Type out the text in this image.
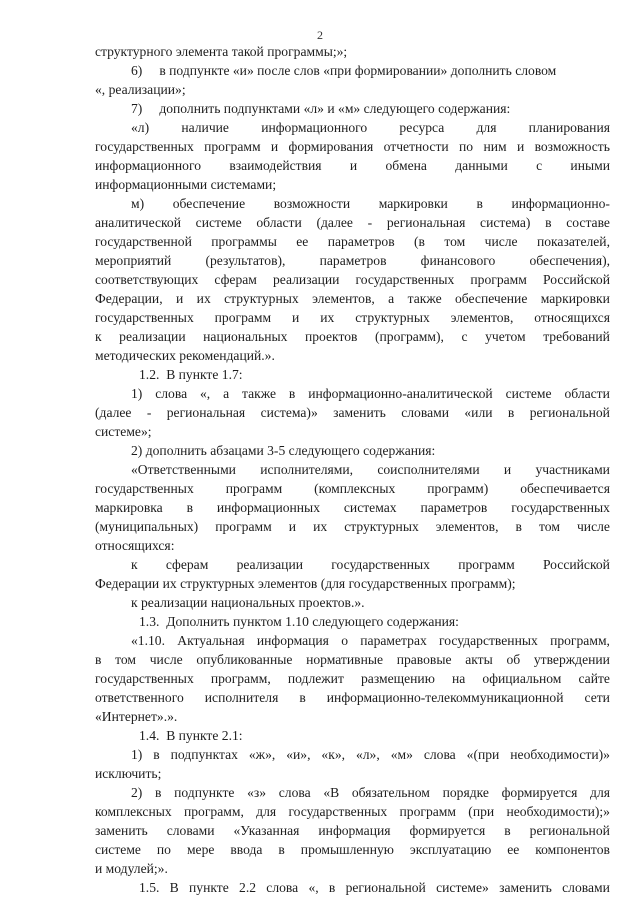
2
структурного элемента такой программы;»;
6)     в подпункте «и» после слов «при формировании» дополнить словом
«, реализации»;
7)     дополнить подпунктами «л» и «м» следующего содержания:
«л) наличие информационного ресурса для планирования
государственных программ и формирования отчетности по ним и возможность
информационного взаимодействия и обмена данными с иными
информационными системами;
м) обеспечение возможности маркировки в информационно-
аналитической системе области (далее - региональная система) в составе
государственной программы ее параметров (в том числе показателей,
мероприятий	(результатов),	параметров	финансового	обеспечения),
соответствующих сферам реализации государственных программ Российской
Федерации, и их структурных элементов, а также обеспечение маркировки
государственных программ и их структурных элементов, относящихся
к реализации национальных проектов (программ), с учетом требований
методических рекомендаций.».
1.2.  В пункте 1.7:
1) слова «, а также в информационно-аналитической системе области
(далее - региональная система)» заменить словами «или в региональной
системе»;
2) дополнить абзацами 3-5 следующего содержания:
«Ответственными исполнителями, соисполнителями и участниками
государственных программ (комплексных программ) обеспечивается
маркировка в информационных системах параметров государственных
(муниципальных) программ и их структурных элементов, в том числе
относящихся:
к сферам реализации государственных программ Российской
Федерации их структурных элементов (для государственных программ);
к реализации национальных проектов.».
1.3.  Дополнить пунктом 1.10 следующего содержания:
«1.10. Актуальная информация о параметрах государственных программ,
в том числе опубликованные нормативные правовые акты об утверждении
государственных программ, подлежит размещению на официальном сайте
ответственного исполнителя в информационно-телекоммуникационной сети
«Интернет».».
1.4.  В пункте 2.1:
1) в подпунктах «ж», «и», «к», «л», «м» слова «(при необходимости)»
исключить;
2) в подпункте «з» слова «В обязательном порядке формируется для
комплексных программ, для государственных программ (при необходимости);»
заменить словами «Указанная информация формируется в региональной
системе по мере ввода в промышленную эксплуатацию ее компонентов
и модулей;».
1.5. В пункте 2.2 слова «, в региональной системе» заменить словами
